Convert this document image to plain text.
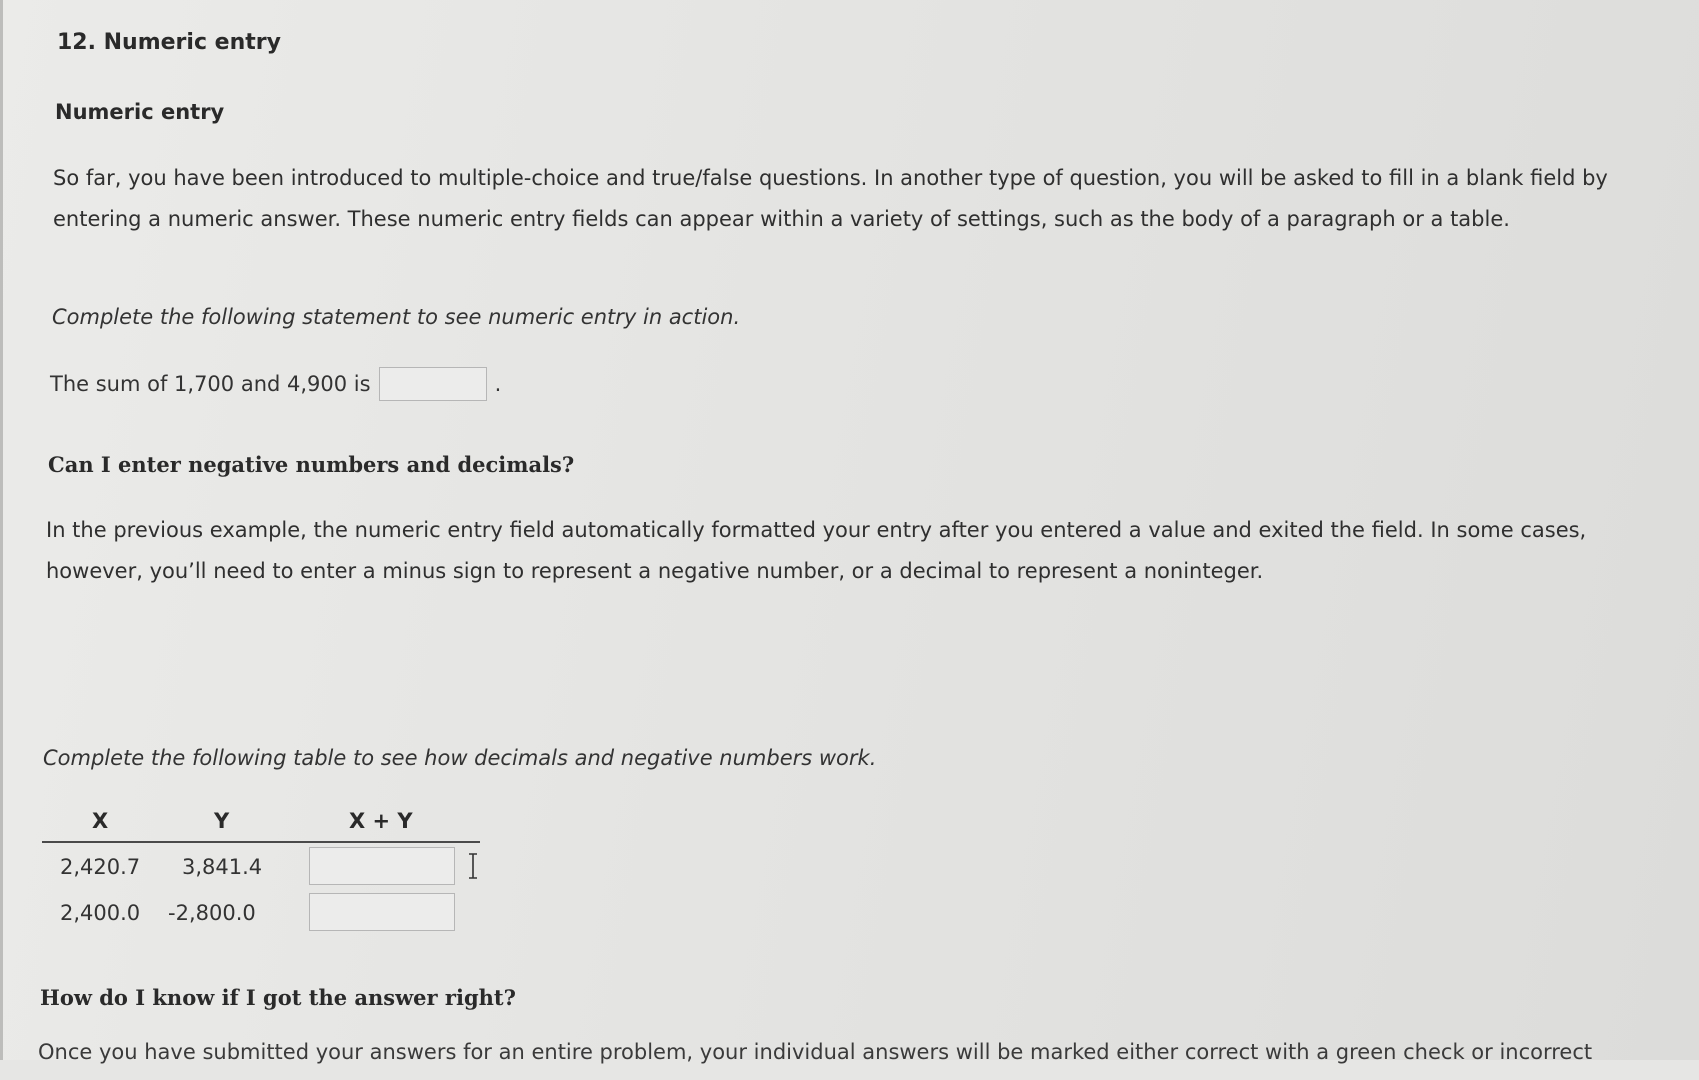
12. Numeric entry
Numeric entry
So far, you have been introduced to multiple-choice and true/false questions. In another type of question, you will be asked to fill in a blank field by
entering a numeric answer. These numeric entry fields can appear within a variety of settings, such as the body of a paragraph or a table.
Complete the following statement to see numeric entry in action.
The sum of 1,700 and 4,900 is	.
Can I enter negative numbers and decimals?
In the previous example, the numeric entry field automatically formatted your entry after you entered a value and exited the field. In some cases,
however, you’ll need to enter a minus sign to represent a negative number, or a decimal to represent a noninteger.
Complete the following table to see how decimals and negative numbers work.
X	Y	X + Y
2,420.7 3,841.4
2,400.0 -2,800.0
How do I know if I got the answer right?
Once you have submitted your answers for an entire problem, your individual answers will be marked either correct with a green check or incorrect
